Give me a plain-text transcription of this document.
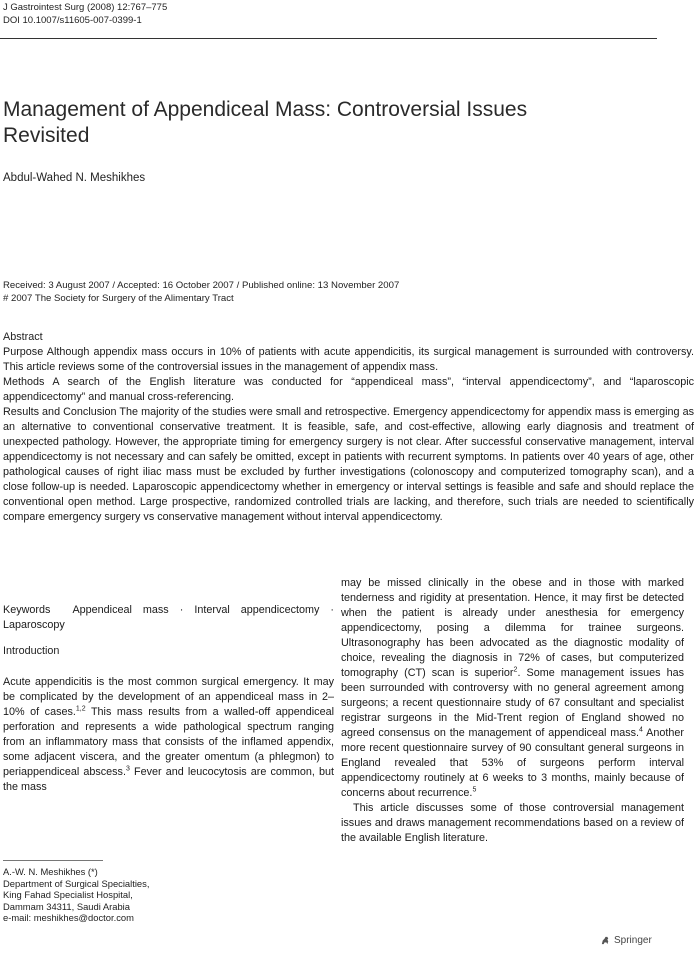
J Gastrointest Surg (2008) 12:767–775
DOI 10.1007/s11605-007-0399-1
Management of Appendiceal Mass: Controversial Issues Revisited
Abdul-Wahed N. Meshikhes
Received: 3 August 2007 / Accepted: 16 October 2007 / Published online: 13 November 2007
# 2007 The Society for Surgery of the Alimentary Tract
Abstract

Purpose Although appendix mass occurs in 10% of patients with acute appendicitis, its surgical management is surrounded with controversy. This article reviews some of the controversial issues in the management of appendix mass.

Methods A search of the English literature was conducted for “appendiceal mass”, “interval appendicectomy”, and “laparoscopic appendicectomy” and manual cross-referencing.

Results and Conclusion The majority of the studies were small and retrospective. Emergency appendicectomy for appendix mass is emerging as an alternative to conventional conservative treatment. It is feasible, safe, and cost-effective, allowing early diagnosis and treatment of unexpected pathology. However, the appropriate timing for emergency surgery is not clear. After successful conservative management, interval appendicectomy is not necessary and can safely be omitted, except in patients with recurrent symptoms. In patients over 40 years of age, other pathological causes of right iliac mass must be excluded by further investigations (colonoscopy and computerized tomography scan), and a close follow-up is needed. Laparoscopic appendicectomy whether in emergency or interval settings is feasible and safe and should replace the conventional open method. Large prospective, randomized controlled trials are lacking, and therefore, such trials are needed to scientifically compare emergency surgery vs conservative management without interval appendicectomy.

Keywords Appendiceal mass · Interval appendicectomy · Laparoscopy
Introduction

Acute appendicitis is the most common surgical emergency. It may be complicated by the development of an appendiceal mass in 2–10% of cases.$^{1,2}$ This mass results from a walled-off appendiceal perforation and represents a wide pathological spectrum ranging from an inflammatory mass that consists of the inflamed appendix, some adjacent viscera, and the greater omentum (a phlegmon) to periappendiceal abscess.$^3$ Fever and leucocytosis are common, but the mass

may be missed clinically in the obese and in those with marked tenderness and rigidity at presentation. Hence, it may first be detected when the patient is already under anesthesia for emergency appendicectomy, posing a dilemma for trainee surgeons. Ultrasonography has been advocated as the diagnostic modality of choice, revealing the diagnosis in 72% of cases, but computerized tomography (CT) scan is superior$^2$. Some management issues has been surrounded with controversy with no general agreement among surgeons; a recent questionnaire study of 67 consultant and specialist registrar surgeons in the Mid-Trent region of England showed no agreed consensus on the management of appendiceal mass.$^4$ Another more recent questionnaire survey of 90 consultant general surgeons in England revealed that 53% of surgeons perform interval appendicectomy routinely at 6 weeks to 3 months, mainly because of concerns about recurrence.$^5$

This article discusses some of those controversial management issues and draws management recommendations based on a review of the available English literature.

A.-W. N. Meshikhes (*)
Department of Surgical Specialties,
King Fahad Specialist Hospital,
Dammam 34311, Saudi Arabia
e-mail: meshikhes@doctor.com
Springer
